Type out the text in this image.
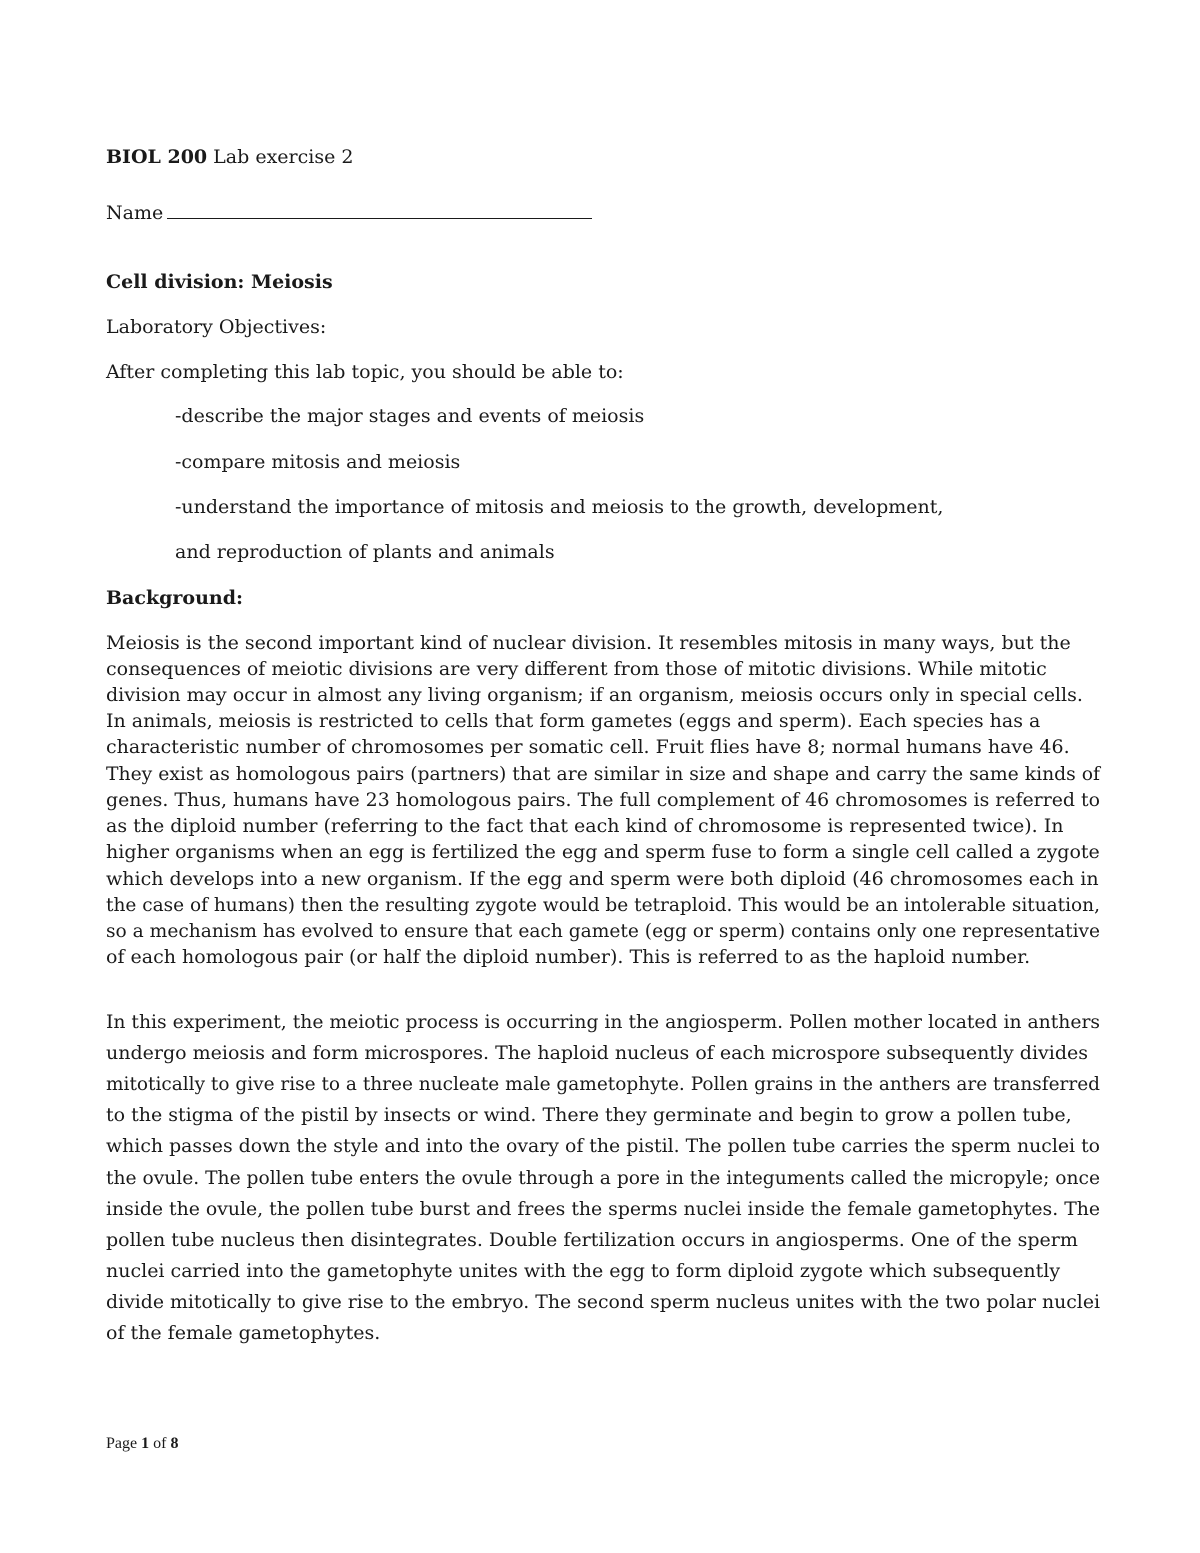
BIOL 200 Lab exercise 2
Name
Cell division: Meiosis
Laboratory Objectives:
After completing this lab topic, you should be able to:
-describe the major stages and events of meiosis
-compare mitosis and meiosis
-understand the importance of mitosis and meiosis to the growth, development,
and reproduction of plants and animals
Background:
Meiosis is the second important kind of nuclear division. It resembles mitosis in many ways, but the
consequences of meiotic divisions are very different from those of mitotic divisions. While mitotic
division may occur in almost any living organism; if an organism, meiosis occurs only in special cells.
In animals, meiosis is restricted to cells that form gametes (eggs and sperm). Each species has a
characteristic number of chromosomes per somatic cell. Fruit flies have 8; normal humans have 46.
They exist as homologous pairs (partners) that are similar in size and shape and carry the same kinds of
genes. Thus, humans have 23 homologous pairs. The full complement of 46 chromosomes is referred to
as the diploid number (referring to the fact that each kind of chromosome is represented twice). In
higher organisms when an egg is fertilized the egg and sperm fuse to form a single cell called a zygote
which develops into a new organism. If the egg and sperm were both diploid (46 chromosomes each in
the case of humans) then the resulting zygote would be tetraploid. This would be an intolerable situation,
so a mechanism has evolved to ensure that each gamete (egg or sperm) contains only one representative
of each homologous pair (or half the diploid number). This is referred to as the haploid number.
In this experiment, the meiotic process is occurring in the angiosperm. Pollen mother located in anthers
undergo meiosis and form microspores. The haploid nucleus of each microspore subsequently divides
mitotically to give rise to a three nucleate male gametophyte. Pollen grains in the anthers are transferred
to the stigma of the pistil by insects or wind. There they germinate and begin to grow a pollen tube,
which passes down the style and into the ovary of the pistil. The pollen tube carries the sperm nuclei to
the ovule. The pollen tube enters the ovule through a pore in the integuments called the micropyle; once
inside the ovule, the pollen tube burst and frees the sperms nuclei inside the female gametophytes. The
pollen tube nucleus then disintegrates. Double fertilization occurs in angiosperms. One of the sperm
nuclei carried into the gametophyte unites with the egg to form diploid zygote which subsequently
divide mitotically to give rise to the embryo. The second sperm nucleus unites with the two polar nuclei
of the female gametophytes.
Page 1 of 8
